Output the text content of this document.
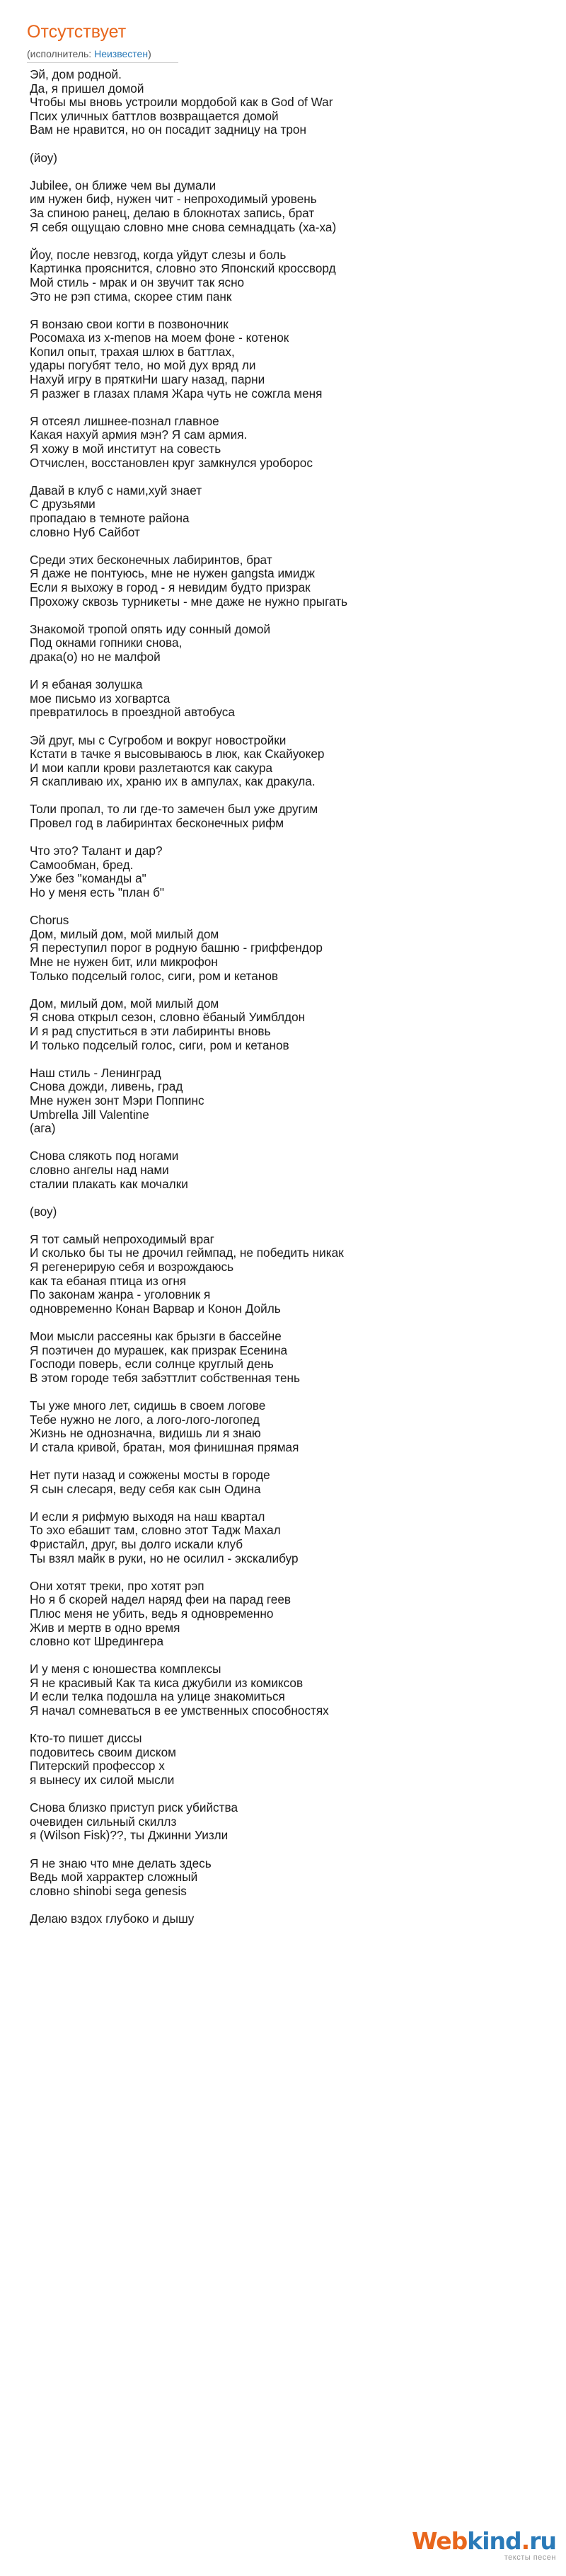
Отсутствует
(исполнитель: Неизвестен)
Эй, дом родной.
Да, я пришел домой
Чтобы мы вновь устроили мордобой как в God of War
Псих уличных баттлов возвращается домой
Вам не нравится, но он посадит задницу на трон

(йоу)

Jubilee, он ближе чем вы думали
им нужен биф, нужен чит - непроходимый уровень
За спиною ранец, делаю в блокнотах запись, брат
Я себя ощущаю словно мне снова семнадцать (ха-ха)

Йоу, после невзгод, когда уйдут слезы и боль
Картинка прояснится, словно это Японский кроссворд
Мой стиль - мрак и он звучит так ясно
Это не рэп стима, скорее стим панк

Я вонзаю свои когти в позвоночник
Росомаха из x-menов на моем фоне - котенок
Копил опыт, трахая шлюх в баттлах,
удары погубят тело, но мой дух вряд ли
Нахуй игру в пряткиНи шагу назад, парни
Я разжег в глазах пламя Жара чуть не сожгла меня

Я отсеял лишнее-познал главное
Какая нахуй армия мэн? Я сам армия.
Я хожу в мой институт на совесть
Отчислен, восстановлен круг замкнулся уроборос

Давай в клуб с нами,хуй знает
С друзьями
пропадаю в темноте района
словно Нуб Сайбот

Среди этих бесконечных лабиринтов, брат
Я даже не понтуюсь, мне не нужен gangsta имидж
Если я выхожу в город - я невидим будто призрак
Прохожу сквозь турникеты - мне даже не нужно прыгать

Знакомой тропой опять иду сонный домой
Под окнами гопники снова,
драка(о) но не малфой

И я ебаная золушка
мое письмо из хогвартса
превратилось в проездной автобуса

Эй друг, мы с Сугробом и вокруг новостройки
Кстати в тачке я высовываюсь в люк, как Скайуокер
И мои капли крови разлетаются как сакура
Я скапливаю их, храню их в ампулах, как дракула.

Толи пропал, то ли где-то замечен был уже другим
Провел год в лабиринтах бесконечных рифм

Что это? Талант и дар?
Самообман, бред.
Уже без "команды а"
Но у меня есть "план б"

Chorus
Дом, милый дом, мой милый дом
Я переступил порог в родную башню - гриффендор
Мне не нужен бит, или микрофон
Только подселый голос, сиги, ром и кетанов

Дом, милый дом, мой милый дом
Я снова открыл сезон, словно ёбаный Уимблдон
И я рад спуститься в эти лабиринты вновь
И только подселый голос, сиги, ром и кетанов

Наш стиль - Ленинград
Снова дожди, ливень, град
Мне нужен зонт Мэри Поппинс
Umbrella Jill Valentine
(ага)

Снова слякоть под ногами
словно ангелы над нами
сталии плакать как мочалки

(воу)

Я тот самый непроходимый враг
И сколько бы ты не дрочил геймпад, не победить никак
Я регенерирую себя и возрождаюсь
как та ебаная птица из огня
По законам жанра - уголовник я
одновременно Конан Варвар и Конон Дойль

Мои мысли рассеяны как брызги в бассейне
Я поэтичен до мурашек, как призрак Есенина
Господи поверь, если солнце круглый день
В этом городе тебя забэттлит собственная тень

Ты уже много лет, сидишь в своем логове
Тебе нужно не лого, а лого-лого-логопед
Жизнь не однозначна, видишь ли я знаю
И стала кривой, братан, моя финишная прямая

Нет пути назад и сожжены мосты в городе
Я сын слесаря, веду себя как сын Одина

И если я рифмую выходя на наш квартал
То эхо ебашит там, словно этот Тадж Махал
Фристайл, друг, вы долго искали клуб
Ты взял майк в руки, но не осилил - экскалибур

Они хотят треки, про хотят рэп
Но я б скорей надел наряд феи на парад геев
Плюс меня не убить, ведь я одновременно
Жив и мертв в одно время
словно кот Шредингера

И у меня с юношества комплексы
Я не красивый Как та киса джубили из комиксов
И если телка подошла на улице знакомиться
Я начал сомневаться в ее умственных способностях

Кто-то пишет диссы
подовитесь своим диском
Питерский профессор х
я вынесу их силой мысли

Снова близко приступ риск убийства
очевиден сильный скиллз
я (Wilson Fisk)??, ты Джинни Уизли

Я не знаю что мне делать здесь
Ведь мой харрактер сложный
словно shinobi sega genesis

Делаю вздох глубоко и дышу
Webkind.ru
тексты песен
